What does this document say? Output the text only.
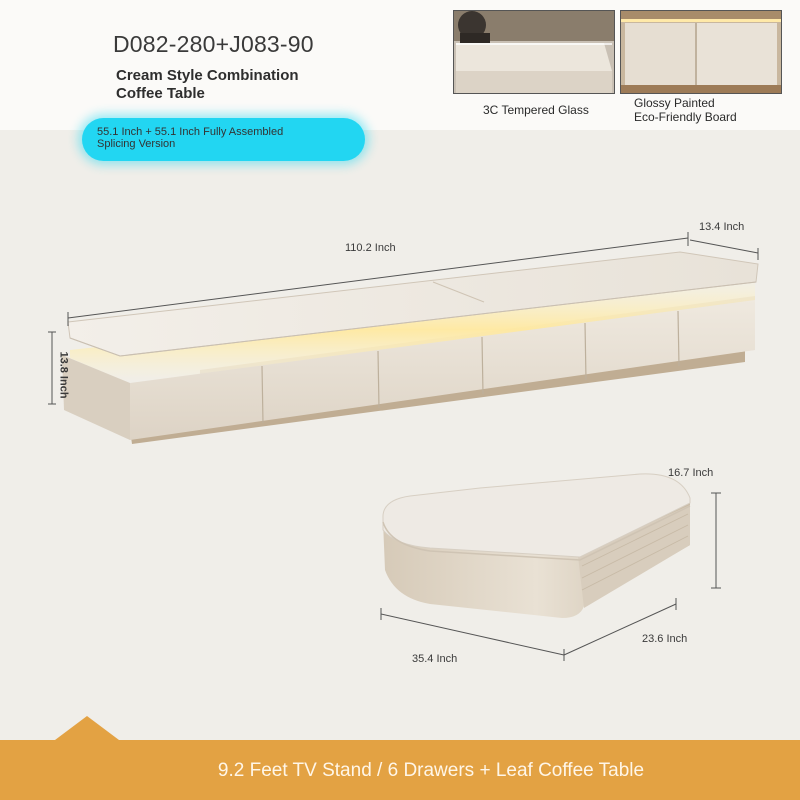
D082-280+J083-90
Cream Style Combination
Coffee Table
3C Tempered Glass	Glossy Painted
Eco-Friendly Board
55.1 Inch + 55.1 Inch Fully Assembled
Splicing Version
110.2 Inch
13.4 Inch
13.8 Inch
16.7 Inch
35.4 Inch
23.6 Inch
9.2 Feet TV Stand / 6 Drawers + Leaf Coffee Table
